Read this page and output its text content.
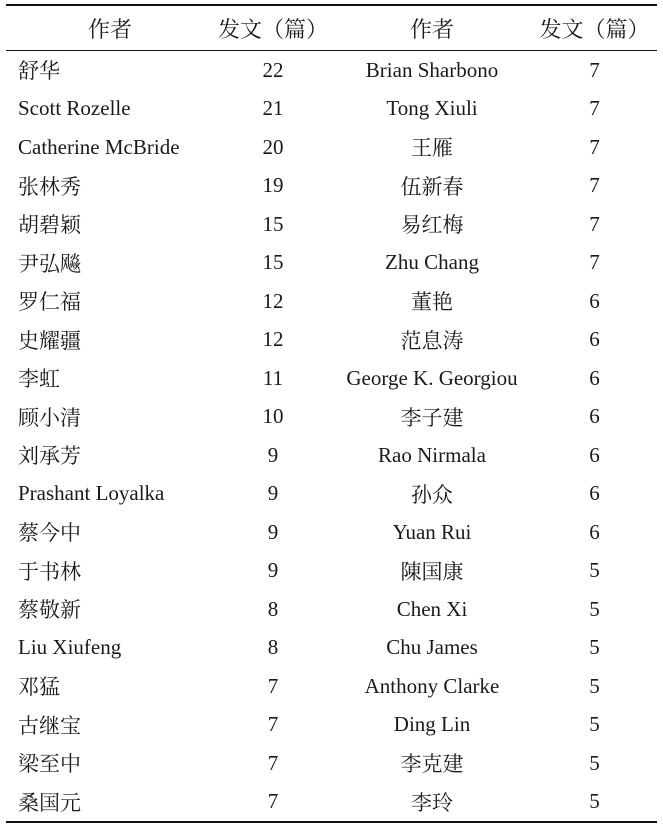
作者	发文（篇）	作者	发文（篇）
舒华	22	Brian Sharbono	7
Scott Rozelle	21	Tong Xiuli	7
Catherine McBride	20	王雁	7
张林秀	19	伍新春	7
胡碧颖	15	易红梅	7
尹弘飚	15	Zhu Chang	7
罗仁福	12	董艳	6
史耀疆	12	范息涛	6
李虹	11	George K. Georgiou	6
顾小清	10	李子建	6
刘承芳	9	Rao Nirmala	6
Prashant Loyalka	9	孙众	6
蔡今中	9	Yuan Rui	6
于书林	9	陳国康	5
蔡敬新	8	Chen Xi	5
Liu Xiufeng	8	Chu James	5
邓猛	7	Anthony Clarke	5
古继宝	7	Ding Lin	5
梁至中	7	李克建	5
桑国元	7	李玲	5
